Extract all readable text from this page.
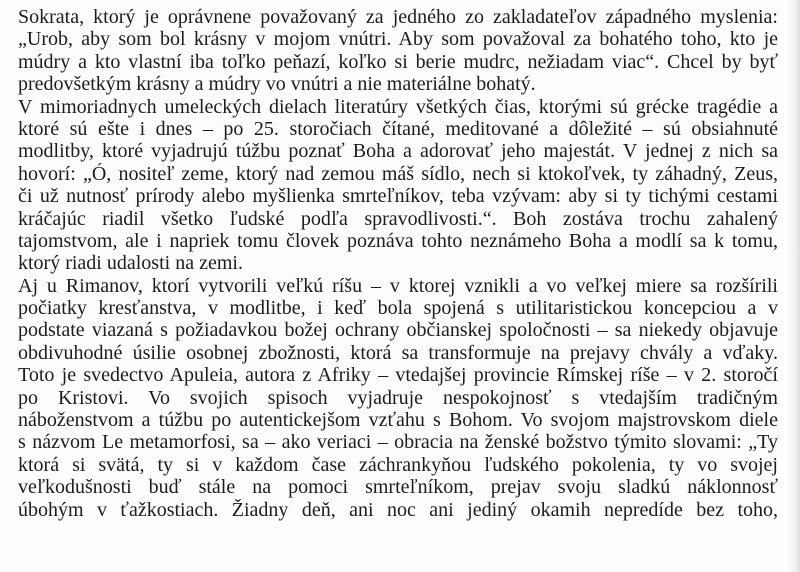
Sokrata, ktorý je oprávnene považovaný za jedného zo zakladateľov západného myslenia:
„Urob, aby som bol krásny v mojom vnútri. Aby som považoval za bohatého toho, kto je
múdry a kto vlastní iba toľko peňazí, koľko si berie mudrc, nežiadam viac“. Chcel by byť
predovšetkým krásny a múdry vo vnútri a nie materiálne bohatý.
V mimoriadnych umeleckých dielach literatúry všetkých čias, ktorými sú grécke tragédie a
ktoré sú ešte i dnes – po 25. storočiach čítané, meditované a dôležité – sú obsiahnuté
modlitby, ktoré vyjadrujú túžbu poznať Boha a adorovať jeho majestát. V jednej z nich sa
hovorí: „Ó, nositeľ zeme, ktorý nad zemou máš sídlo, nech si ktokoľvek, ty záhadný, Zeus,
či už nutnosť prírody alebo myšlienka smrteľníkov, teba vzývam: aby si ty tichými cestami
kráčajúc riadil všetko ľudské podľa spravodlivosti.“. Boh zostáva trochu zahalený
tajomstvom, ale i napriek tomu človek poznáva tohto neznámeho Boha a modlí sa k tomu,
ktorý riadi udalosti na zemi.
Aj u Rimanov, ktorí vytvorili veľkú ríšu – v ktorej vznikli a vo veľkej miere sa rozšírili
počiatky kresťanstva, v modlitbe, i keď bola spojená s utilitaristickou koncepciou a v
podstate viazaná s požiadavkou božej ochrany občianskej spoločnosti – sa niekedy objavuje
obdivuhodné úsilie osobnej zbožnosti, ktorá sa transformuje na prejavy chvály a vďaky.
Toto je svedectvo Apuleia, autora z Afriky – vtedajšej provincie Rímskej ríše – v 2. storočí
po Kristovi. Vo svojich spisoch vyjadruje nespokojnosť s vtedajším tradičným
náboženstvom a túžbu po autentickejšom vzťahu s Bohom. Vo svojom majstrovskom diele
s názvom Le metamorfosi, sa – ako veriaci – obracia na ženské božstvo týmito slovami: „Ty
ktorá si svätá, ty si v každom čase záchrankyňou ľudského pokolenia, ty vo svojej
veľkodušnosti buď stále na pomoci smrteľníkom, prejav svoju sladkú náklonnosť
úbohým v ťažkostiach. Žiadny deň, ani noc ani jediný okamih nepredíde bez toho,
